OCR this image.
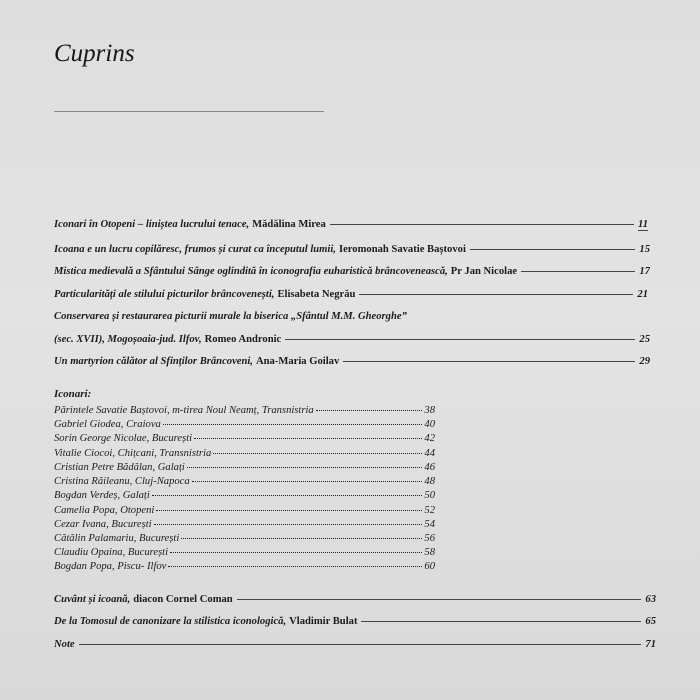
Cuprins
Iconari în Otopeni – liniștea lucrului tenace, Mădălina Mirea	11
Icoana e un lucru copilăresc, frumos și curat ca începutul lumii, Ieromonah Savatie Baștovoi	15
Mistica medievală a Sfântului Sânge oglindită în iconografia euharistică brâncovenească, Pr Jan Nicolae	17
Particularități ale stilului picturilor brâncovenești, Elisabeta Negrău	21
Conservarea și restaurarea picturii murale la biserica „Sfântul M.M. Gheorghe”
(sec. XVII), Mogoșoaia-jud. Ilfov, Romeo Andronic	25
Un martyrion călător al Sfinților Brâncoveni, Ana-Maria Goilav	29
Iconari:
Părintele Savatie Baștovoi, m-tirea Noul Neamț, Transnistria	38
Gabriel Giodea, Craiova	40
Sorin George Nicolae, București	42
Vitalie Ciocoi, Chițcani, Transnistria	44
Cristian Petre Bădălan, Galați	46
Cristina Răileanu, Cluj-Napoca	48
Bogdan Verdeș, Galați	50
Camelia Popa, Otopeni	52
Cezar Ivana, București	54
Cătălin Palamariu, București	56
Claudiu Opaina, București	58
Bogdan Popa, Piscu- Ilfov	60
Cuvânt și icoană, diacon Cornel Coman	63
De la Tomosul de canonizare la stilistica iconologică, Vladimir Bulat	65
Note	71
